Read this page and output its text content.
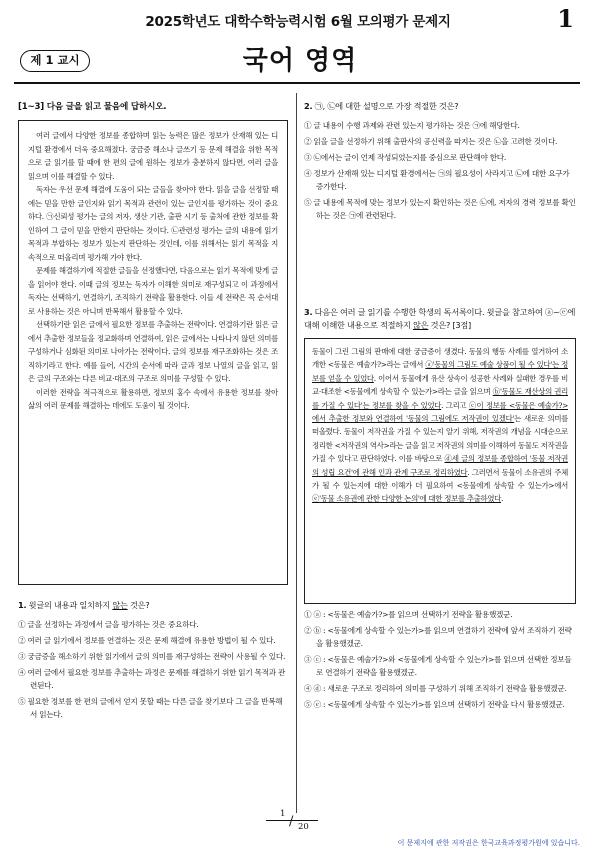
2025학년도 대학수학능력시험 6월 모의평가 문제지	1
제 1 교시	국어 영역
[1~3] 다음 글을 읽고 물음에 답하시오.

여러 글에서 다양한 정보를 종합하며 읽는 능력은 많은 정보가 산재해 있는 디지털 환경에서 더욱 중요해졌다. 궁금증 해소나 글쓰기 등 문제 해결을 위한 목적으로 글 읽기를 할 때에 한 편의 글에 원하는 정보가 충분하지 않다면, 여러 글을 읽으며 이를 해결할 수 있다.

독자는 우선 문제 해결에 도움이 되는 글들을 찾아야 한다. 읽을 글을 선정할 때에는 믿을 만한 글인지와 읽기 목적과 관련이 있는 글인지를 평가하는 것이 중요하다. ㉠신뢰성 평가는 글의 저자, 생산 기관, 출판 시기 등 출처에 관한 정보를 확인하여 그 글이 믿을 만한지 판단하는 것이다. ㉡관련성 평가는 글의 내용에 읽기 목적과 부합하는 정보가 있는지 판단하는 것인데, 이를 위해서는 읽기 목적을 지속적으로 떠올리며 평가해 가야 한다.

문제를 해결하기에 적절한 글들을 선정했다면, 다음으로는 읽기 목적에 맞게 글을 읽어야 한다. 이때 글의 정보는 독자가 이해한 의미로 재구성되고 이 과정에서 독자는 선택하기, 연결하기, 조직하기 전략을 활용한다. 이들 세 전략은 꼭 순서대로 사용하는 것은 아니며 반복해서 활용할 수 있다.

선택하기란 읽은 글에서 필요한 정보를 추출하는 전략이다. 연결하기란 읽은 글에서 추출한 정보들을 정교화하며 연결하여, 읽은 글에서는 나타나지 않던 의미를 구성하거나 심화된 의미로 나아가는 전략이다. 글의 정보를 재구조화하는 것은 조직하기라고 한다. 예를 들어, 시간의 순서에 따라 글과 정보 나열의 글을 읽고, 읽은 글의 구조와는 다른 비교·대조의 구조로 의미를 구성할 수 있다.

이러한 전략을 적극적으로 활용하면, 정보의 홍수 속에서 유용한 정보를 찾아 삶의 여러 문제를 해결하는 데에도 도움이 될 것이다.

1. 윗글의 내용과 일치하지 않는 것은?
① 글을 선정하는 과정에서 글을 평가하는 것은 중요하다.
② 여러 글 읽기에서 정보를 연결하는 것은 문제 해결에 유용한 방법이 될 수 있다.
③ 궁금증을 해소하기 위한 읽기에서 글의 의미를 재구성하는 전략이 사용될 수 있다.
④ 여러 글에서 필요한 정보를 추출하는 과정은 문제를 해결하기 위한 읽기 목적과 관련된다.
⑤ 필요한 정보를 한 편의 글에서 얻지 못할 때는 다른 글을 찾기보다 그 글을 반복해서 읽는다.
2. ㉠, ㉡에 대한 설명으로 가장 적절한 것은?
① 글 내용이 수행 과제와 관련 있는지 평가하는 것은 ㉠에 해당한다.
② 읽을 글을 선정하기 위해 출판사의 공신력을 따지는 것은 ㉡을 고려한 것이다.
③ ㉡에서는 글이 언제 작성되었는지를 중심으로 판단해야 한다.
④ 정보가 산재해 있는 디지털 환경에서는 ㉠의 필요성이 사라지고 ㉡에 대한 요구가 증가한다.
⑤ 글 내용에 목적에 맞는 정보가 있는지 확인하는 것은 ㉡에, 저자의 경력 정보를 확인하는 것은 ㉠에 관련된다.
3. 다음은 여러 글 읽기를 수행한 학생의 독서록이다. 윗글을 참고하여 ⓐ~ⓔ에 대해 이해한 내용으로 적절하지 않은 것은? [3점]

동물이 그린 그림의 판매에 대한 궁금증이 생겼다. 동물의 행동 사례를 열거하여 소개한 <동물은 예술가?>라는 글에서 ⓐ'동물의 그림도 예술 상품이 될 수 있다'는 정보를 얻을 수 있었다. 이어서 동물에게 유산 상속이 성공한 사례와 실패한 경우를 비교·대조한 <동물에게 상속할 수 있는가>라는 글을 읽으며 ⓑ'동물도 재산상의 권리를 가질 수 있다'는 정보를 찾을 수 있었다. 그리고 ⓒ이 정보를 <동물은 예술가?>에서 추출한 정보와 연결하여 '동물의 그림에도 저작권이 있겠다'는 새로운 의미를 떠올렸다. 동물이 저작권을 가질 수 있는지 알기 위해, 저작권의 개념을 시대순으로 정리한 <저작권의 역사>라는 글을 읽고 저작권의 의미를 이해하여 동물도 저작권을 가질 수 있다고 판단하였다. 이를 바탕으로 ⓓ세 글의 정보를 종합하여 '동물 저작권의 성립 요건'에 관해 인과 관계 구조로 정리하였다. 그러면서 동물이 소유권의 주체가 될 수 있는지에 대한 이해가 더 필요하여 <동물에게 상속할 수 있는가>에서 ⓔ'동물 소유권에 관한 다양한 논의'에 대한 정보를 추출하였다.

① ⓐ : <동물은 예술가?>를 읽으며 선택하기 전략을 활용했겠군.
② ⓑ : <동물에게 상속할 수 있는가>를 읽으며 연결하기 전략에 앞서 조직하기 전략을 활용했겠군.
③ ⓒ : <동물은 예술가?>와 <동물에게 상속할 수 있는가>를 읽으며 선택한 정보들로 연결하기 전략을 활용했겠군.
④ ⓓ : 새로운 구조로 정리하여 의미를 구성하기 위해 조직하기 전략을 활용했겠군.
⑤ ⓔ : <동물에게 상속할 수 있는가>를 읽으며 선택하기 전략을 다시 활용했겠군.
1 / 20
이 문제지에 관한 저작권은 한국교육과정평가원에 있습니다.
